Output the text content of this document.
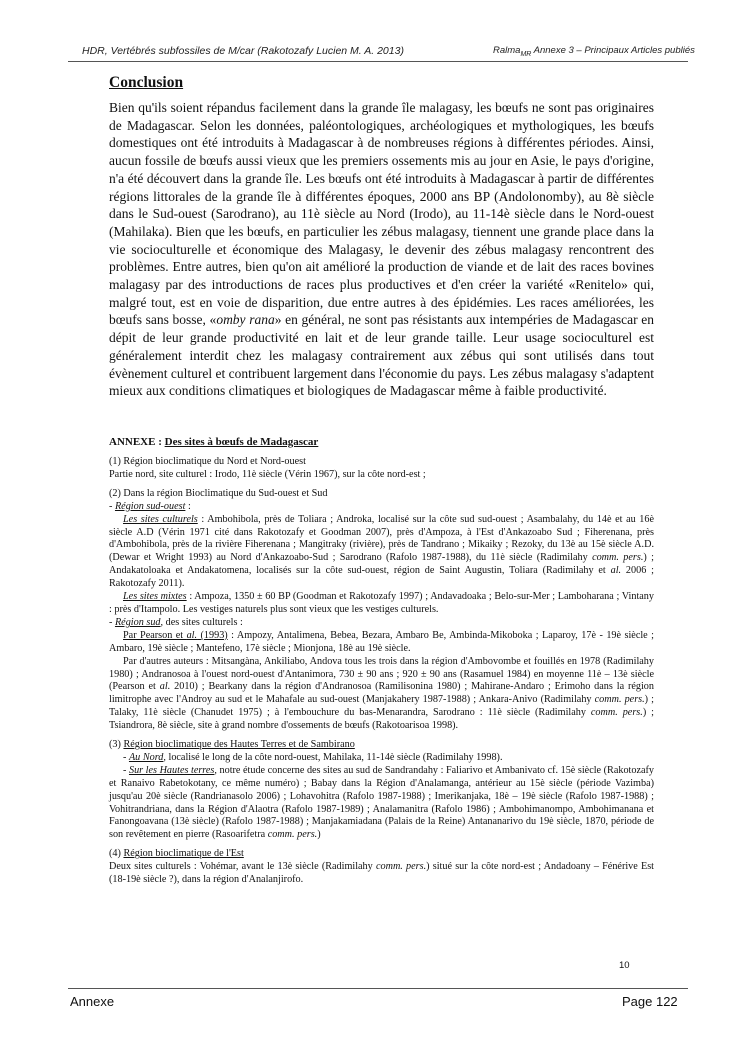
HDR, Vertébrés subfossiles de M/car (Rakotozafy Lucien M. A. 2013)	Ralma$_{MR}$ Annexe 3 – Principaux Articles publiés
Conclusion
Bien qu'ils soient répandus facilement dans la grande île malagasy, les bœufs ne sont pas originaires de Madagascar. Selon les données, paléontologiques, archéologiques et mythologiques, les bœufs domestiques ont été introduits à Madagascar à de nombreuses régions à différentes périodes. Ainsi, aucun fossile de bœufs aussi vieux que les premiers ossements mis au jour en Asie, le pays d'origine, n'a été découvert dans la grande île. Les bœufs ont été introduits à Madagascar à partir de différentes régions littorales de la grande île à différentes époques, 2000 ans BP (Andolonomby), au 8è siècle dans le Sud-ouest (Sarodrano), au 11è siècle au Nord (Irodo), au 11-14è siècle dans le Nord-ouest (Mahilaka). Bien que les bœufs, en particulier les zébus malagasy, tiennent une grande place dans la vie socioculturelle et économique des Malagasy, le devenir des zébus malagasy rencontrent des problèmes. Entre autres, bien qu'on ait amélioré la production de viande et de lait des races bovines malagasy par des introductions de races plus productives et d'en créer la variété «Renitelo» qui, malgré tout, est en voie de disparition, due entre autres à des épidémies. Les races améliorées, les bœufs sans bosse, «omby rana» en général, ne sont pas résistants aux intempéries de Madagascar en dépit de leur grande productivité en lait et de leur grande taille. Leur usage socioculturel est généralement interdit chez les malagasy contrairement aux zébus qui sont utilisés dans tout évènement culturel et contribuent largement dans l'économie du pays. Les zébus malagasy s'adaptent mieux aux conditions climatiques et biologiques de Madagascar même à faible productivité.
ANNEXE : Des sites à bœufs de Madagascar

(1) Région bioclimatique du Nord et Nord-ouest

Partie nord, site culturel : Irodo, 11è siècle (Vérin 1967), sur la côte nord-est ;

(2) Dans la région Bioclimatique du Sud-ouest et Sud

- Région sud-ouest :

Les sites culturels : Ambohibola, près de Toliara ; Androka, localisé sur la côte sud sud-ouest ; Asambalahy, du 14è et au 16è siècle A.D (Vérin 1971 cité dans Rakotozafy et Goodman 2007), près d'Ampoza, à l'Est d'Ankazoabo Sud ; Fiherenana, près d'Ambohibola, près de la rivière Fiherenana ; Mangitraky (rivière), près de Tandrano ; Mikaiky ; Rezoky, du 13è au 15è siècle A.D. (Dewar et Wright 1993) au Nord d'Ankazoabo-Sud ; Sarodrano (Rafolo 1987-1988), du 11è siècle (Radimilahy comm. pers.) ; Andakatoloaka et Andakatomena, localisés sur la côte sud-ouest, région de Saint Augustin, Toliara (Radimilahy et al. 2006 ; Rakotozafy 2011).

Les sites mixtes : Ampoza, 1350 ± 60 BP (Goodman et Rakotozafy 1997) ; Andavadoaka ; Belo-sur-Mer ; Lamboharana ; Vintany : près d'Itampolo. Les vestiges naturels plus sont vieux que les vestiges culturels.

- Région sud, des sites culturels :

Par Pearson et al. (1993) : Ampozy, Antalimena, Bebea, Bezara, Ambaro Be, Ambinda-Mikoboka ; Laparoy, 17è - 19è siècle ; Ambaro, 19è siècle ; Mantefeno, 17è siècle ; Mionjona, 18è au 19è siècle.

Par d'autres auteurs : Mitsangàna, Ankiliabo, Andova tous les trois dans la région d'Ambovombe et fouillés en 1978 (Radimilahy 1980) ; Andranosoa à l'ouest nord-ouest d'Antanimora, 730 ± 90 ans ; 920 ± 90 ans (Rasamuel 1984) en moyenne 11è – 13è siècle (Pearson et al. 2010) ; Bearkany dans la région d'Andranosoa (Ramilisonina 1980) ; Mahirane-Andaro ; Erimoho dans la région limitrophe avec l'Androy au sud et le Mahafale au sud-ouest (Manjakahery 1987-1988) ; Ankara-Anivo (Radimilahy comm. pers.) ; Talaky, 11è siècle (Chanudet 1975) ; à l'embouchure du bas-Menarandra, Sarodrano : 11è siècle (Radimilahy comm. pers.) ; Tsiandrora, 8è siècle, site à grand nombre d'ossements de bœufs (Rakotoarisoa 1998).

(3) Région bioclimatique des Hautes Terres et de Sambirano

- Au Nord, localisé le long de la côte nord-ouest, Mahilaka, 11-14è siècle (Radimilahy 1998).

- Sur les Hautes terres, notre étude concerne des sites au sud de Sandrandahy : Faliarivo et Ambanivato cf. 15è siècle (Rakotozafy et Ranaivo Rabetokotany, ce même numéro) ; Babay dans la Région d'Analamanga, antérieur au 15è siècle (période Vazimba) jusqu'au 20è siècle (Randrianasolo 2006) ; Lohavohitra (Rafolo 1987-1988) ; Imerikanjaka, 18è – 19è siècle (Rafolo 1987-1988) ; Vohitrandriana, dans la Région d'Alaotra (Rafolo 1987-1989) ; Analamanitra (Rafolo 1986) ; Ambohimanompo, Ambohimanana et Fanongoavana (13è siècle) (Rafolo 1987-1988) ; Manjakamiadana (Palais de la Reine) Antananarivo du 19è siècle, 1870, période de son revêtement en pierre (Rasoarifetra comm. pers.)

(4) Région bioclimatique de l'Est

Deux sites culturels : Vohémar, avant le 13è siècle (Radimilahy comm. pers.) situé sur la côte nord-est ; Andadoany – Fénérive Est (18-19è siècle ?), dans la région d'Analanjirofo.

10
Annexe	Page 122
